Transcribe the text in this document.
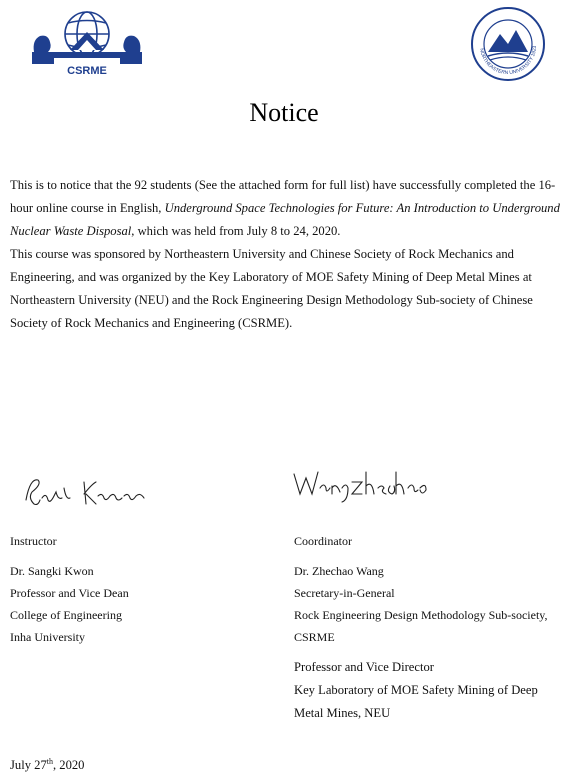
CSRME
NORTHEASTERN UNIVERSITY 1923
Notice

This is to notice that the 92 students (See the attached form for full list) have successfully completed the 16-hour online course in English, Underground Space Technologies for Future: An Introduction to Underground Nuclear Waste Disposal, which was held from July 8 to 24, 2020.

This course was sponsored by Northeastern University and Chinese Society of Rock Mechanics and Engineering, and was organized by the Key Laboratory of MOE Safety Mining of Deep Metal Mines at Northeastern University (NEU) and the Rock Engineering Design Methodology Sub-society of Chinese Society of Rock Mechanics and Engineering (CSRME).

Instructor
Dr. Sangki Kwon
Professor and Vice Dean
College of Engineering
Inha University
Coordinator
Dr. Zhechao Wang
Secretary-in-General
Rock Engineering Design Methodology Sub-society,
CSRME
Professor and Vice Director
Key Laboratory of MOE Safety Mining of Deep
Metal Mines, NEU
July 27th, 2020
